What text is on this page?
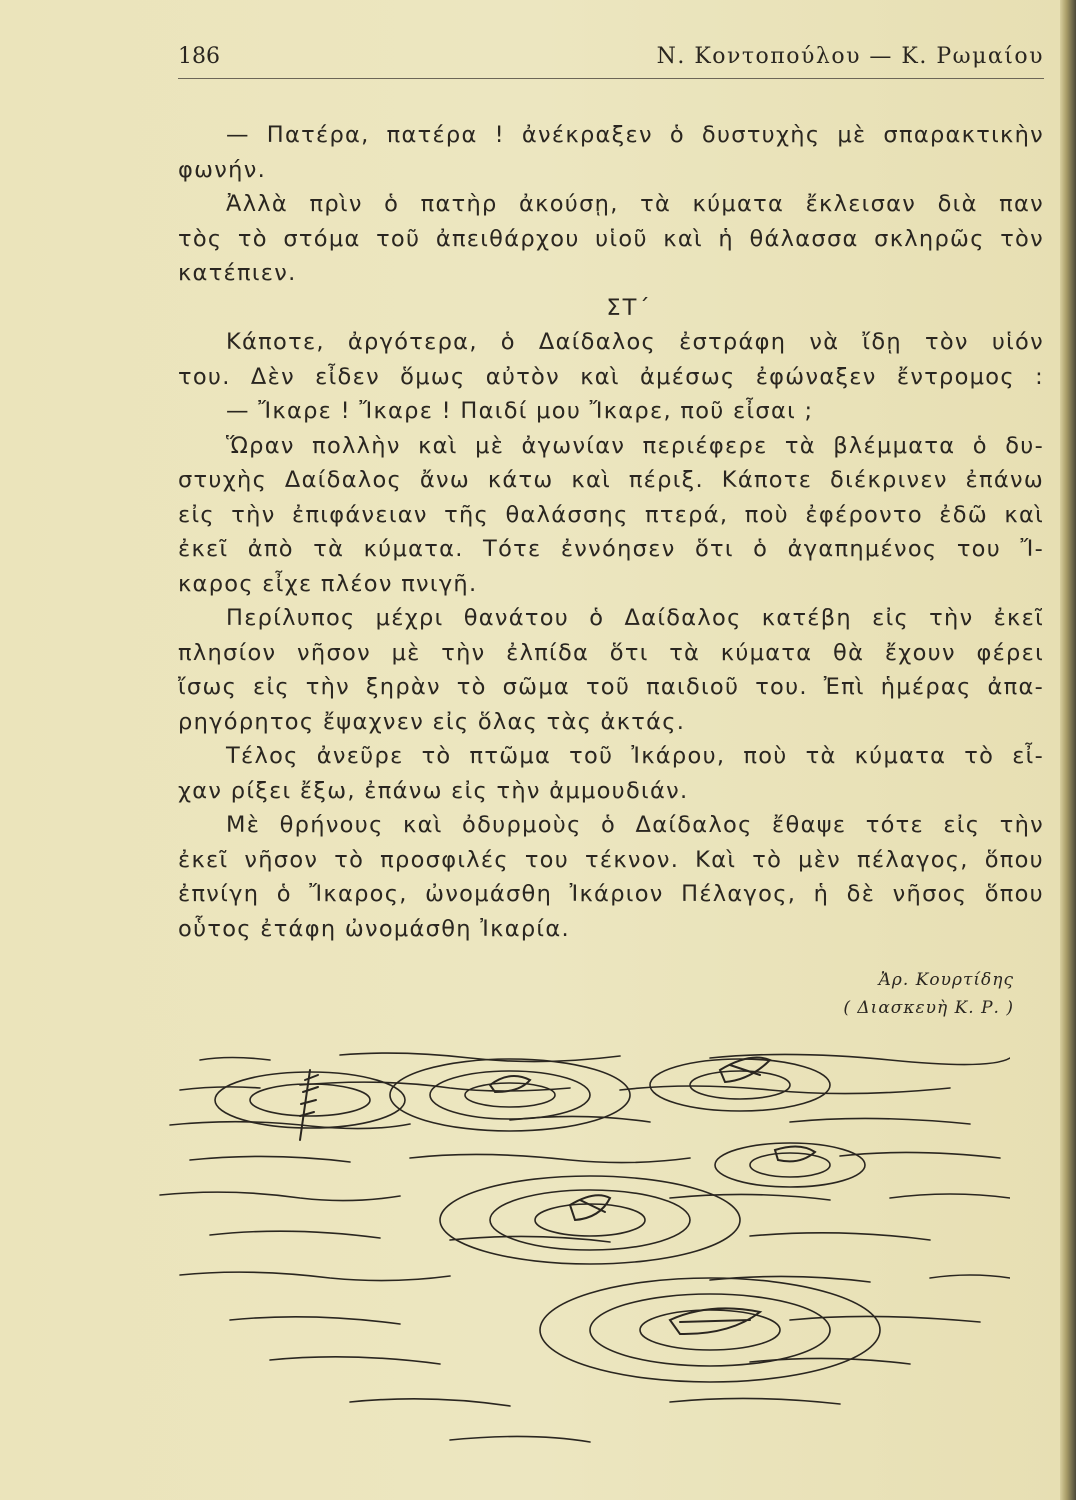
186	Ν. Κοντοπούλου — Κ. Ρωμαίου
— Πατέρα, πατέρα ! ἀνέκραξεν ὁ δυστυχὴς μὲ σπαρακτικὴν
φωνήν.
Ἀλλὰ πρὶν ὁ πατὴρ ἀκούσῃ, τὰ κύματα ἔκλεισαν διὰ παν
τὸς τὸ στόμα τοῦ ἀπειθάρχου υἱοῦ καὶ ἡ θάλασσα σκληρῶς τὸν
κατέπιεν.
ΣΤ΄
Κάποτε, ἀργότερα, ὁ Δαίδαλος ἐστράφη νὰ ἴδῃ τὸν υἱόν
του. Δὲν εἶδεν ὅμως αὐτὸν καὶ ἀμέσως ἐφώναξεν ἔντρομος :
— Ἴκαρε ! Ἴκαρε ! Παιδί μου Ἴκαρε, ποῦ εἶσαι ;
Ὥραν πολλὴν καὶ μὲ ἀγωνίαν περιέφερε τὰ βλέμματα ὁ δυ-
στυχὴς Δαίδαλος ἄνω κάτω καὶ πέριξ. Κάποτε διέκρινεν ἐπάνω
εἰς τὴν ἐπιφάνειαν τῆς θαλάσσης πτερά, ποὺ ἐφέροντο ἐδῶ καὶ
ἐκεῖ ἀπὸ τὰ κύματα. Τότε ἐννόησεν ὅτι ὁ ἀγαπημένος του Ἴ-
καρος εἶχε πλέον πνιγῆ.
Περίλυπος μέχρι θανάτου ὁ Δαίδαλος κατέβη εἰς τὴν ἐκεῖ
πλησίον νῆσον μὲ τὴν ἐλπίδα ὅτι τὰ κύματα θὰ ἔχουν φέρει
ἴσως εἰς τὴν ξηρὰν τὸ σῶμα τοῦ παιδιοῦ του. Ἐπὶ ἡμέρας ἀπα-
ρηγόρητος ἔψαχνεν εἰς ὅλας τὰς ἀκτάς.
Τέλος ἀνεῦρε τὸ πτῶμα τοῦ Ἰκάρου, ποὺ τὰ κύματα τὸ εἶ-
χαν ρίξει ἔξω, ἐπάνω εἰς τὴν ἀμμουδιάν.
Μὲ θρήνους καὶ ὀδυρμοὺς ὁ Δαίδαλος ἔθαψε τότε εἰς τὴν
ἐκεῖ νῆσον τὸ προσφιλές του τέκνον. Καὶ τὸ μὲν πέλαγος, ὅπου
ἐπνίγη ὁ Ἴκαρος, ὠνομάσθη Ἰκάριον Πέλαγος, ἡ δὲ νῆσος ὅπου
οὗτος ἐτάφη ὠνομάσθη Ἰκαρία.
Ἀρ. Κουρτίδης
( Διασκευὴ Κ. Ρ. )
